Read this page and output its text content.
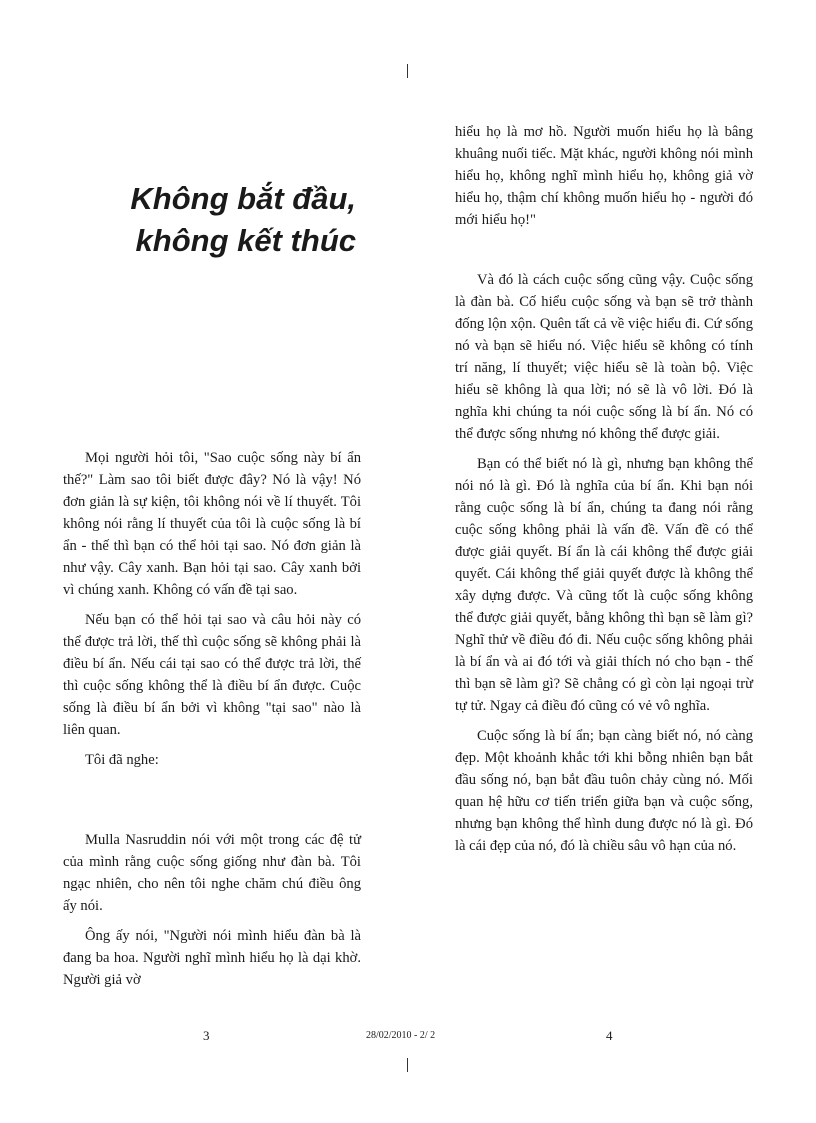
Không bắt đầu, không kết thúc

Mọi người hỏi tôi, "Sao cuộc sống này bí ẩn thế?" Làm sao tôi biết được đây? Nó là vậy! Nó đơn giản là sự kiện, tôi không nói về lí thuyết. Tôi không nói rằng lí thuyết của tôi là cuộc sống là bí ẩn - thế thì bạn có thể hỏi tại sao. Nó đơn giản là như vậy. Cây xanh. Bạn hỏi tại sao. Cây xanh bởi vì chúng xanh. Không có vấn đề tại sao.

Nếu bạn có thể hỏi tại sao và câu hỏi này có thể được trả lời, thế thì cuộc sống sẽ không phải là điều bí ẩn. Nếu cái tại sao có thể được trả lời, thế thì cuộc sống không thể là điều bí ẩn được. Cuộc sống là điều bí ẩn bởi vì không "tại sao" nào là liên quan.

Tôi đã nghe:

Mulla Nasruddin nói với một trong các đệ tử của mình rằng cuộc sống giống như đàn bà. Tôi ngạc nhiên, cho nên tôi nghe chăm chú điều ông ấy nói.

Ông ấy nói, "Người nói mình hiểu đàn bà là đang ba hoa. Người nghĩ mình hiểu họ là dại khờ. Người giả vờ

hiểu họ là mơ hồ. Người muốn hiểu họ là bâng khuâng nuối tiếc. Mặt khác, người không nói mình hiểu họ, không nghĩ mình hiểu họ, không giả vờ hiểu họ, thậm chí không muốn hiểu họ - người đó mới hiểu họ!"

Và đó là cách cuộc sống cũng vậy. Cuộc sống là đàn bà. Cố hiểu cuộc sống và bạn sẽ trở thành đống lộn xộn. Quên tất cả về việc hiểu đi. Cứ sống nó và bạn sẽ hiểu nó. Việc hiểu sẽ không có tính trí năng, lí thuyết; việc hiểu sẽ là toàn bộ. Việc hiểu sẽ không là qua lời; nó sẽ là vô lời. Đó là nghĩa khi chúng ta nói cuộc sống là bí ẩn. Nó có thể được sống nhưng nó không thể được giải.

Bạn có thể biết nó là gì, nhưng bạn không thể nói nó là gì. Đó là nghĩa của bí ẩn. Khi bạn nói rằng cuộc sống là bí ẩn, chúng ta đang nói rằng cuộc sống không phải là vấn đề. Vấn đề có thể được giải quyết. Bí ẩn là cái không thể được giải quyết. Cái không thể giải quyết được là không thể xây dựng được. Và cũng tốt là cuộc sống không thể được giải quyết, bằng không thì bạn sẽ làm gì? Nghĩ thử về điều đó đi. Nếu cuộc sống không phải là bí ẩn và ai đó tới và giải thích nó cho bạn - thế thì bạn sẽ làm gì? Sẽ chẳng có gì còn lại ngoại trừ tự tử. Ngay cả điều đó cũng có vẻ vô nghĩa.

Cuộc sống là bí ẩn; bạn càng biết nó, nó càng đẹp. Một khoảnh khắc tới khi bỗng nhiên bạn bắt đầu sống nó, bạn bắt đầu tuôn chảy cùng nó. Mối quan hệ hữu cơ tiến triển giữa bạn và cuộc sống, nhưng bạn không thể hình dung được nó là gì. Đó là cái đẹp của nó, đó là chiều sâu vô hạn của nó.

3	28/02/2010 - 2/ 2	4
